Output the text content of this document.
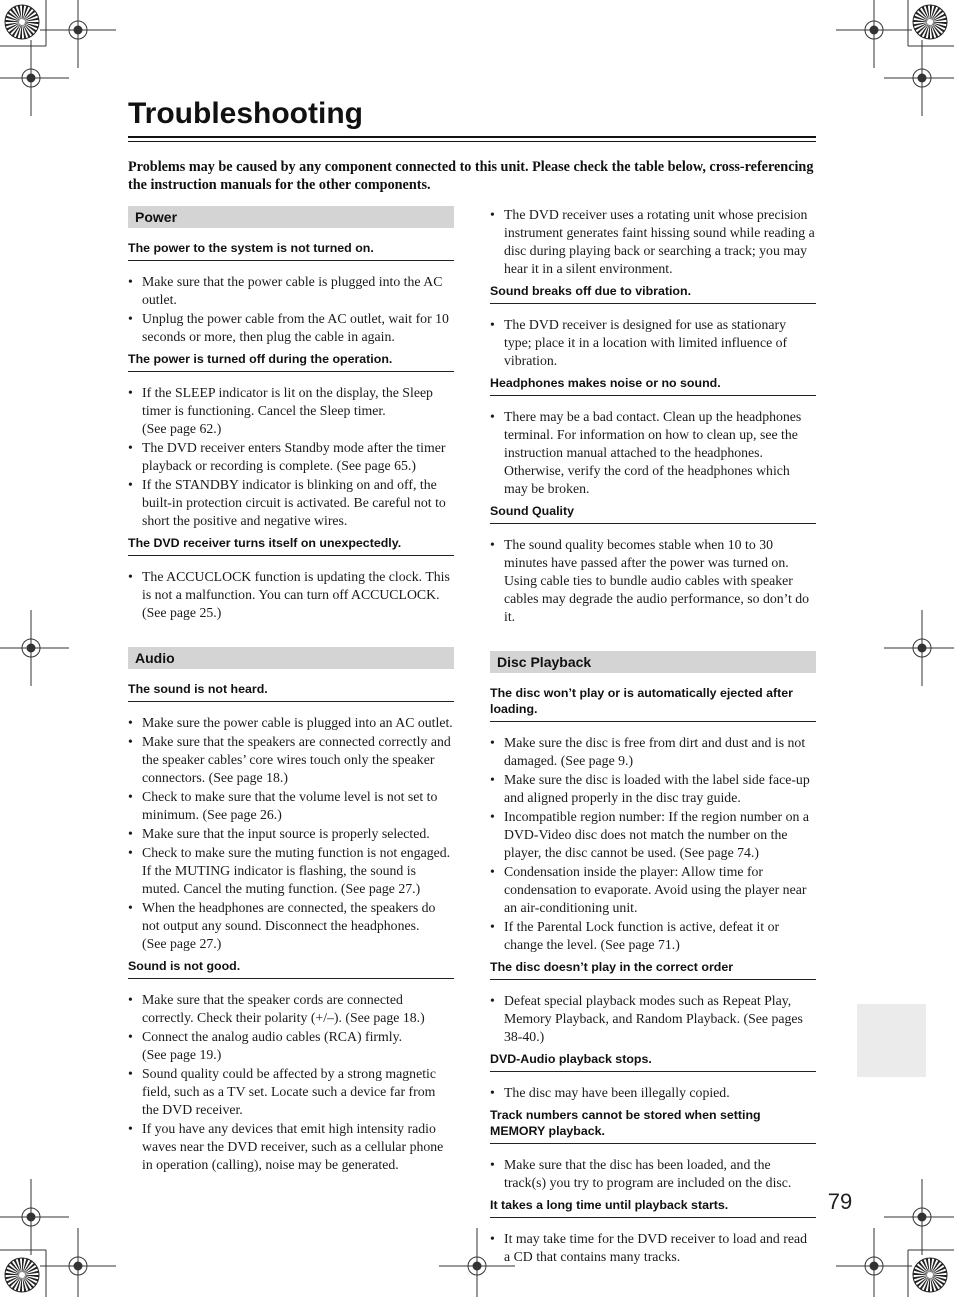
Troubleshooting

Problems may be caused by any component connected to this unit. Please check the table below, cross-referencing the instruction manuals for the other components.

Power
The power to the system is not turned on.
• Make sure that the power cable is plugged into the AC outlet.
• Unplug the power cable from the AC outlet, wait for 10 seconds or more, then plug the cable in again.
The power is turned off during the operation.
• If the SLEEP indicator is lit on the display, the Sleep timer is functioning. Cancel the Sleep timer.
(See page 62.)
• The DVD receiver enters Standby mode after the timer playback or recording is complete. (See page 65.)
• If the STANDBY indicator is blinking on and off, the built-in protection circuit is activated. Be careful not to short the positive and negative wires.
The DVD receiver turns itself on unexpectedly.
• The ACCUCLOCK function is updating the clock. This is not a malfunction. You can turn off ACCUCLOCK. (See page 25.)
Audio
The sound is not heard.
• Make sure the power cable is plugged into an AC outlet.
• Make sure that the speakers are connected correctly and the speaker cables’ core wires touch only the speaker connectors. (See page 18.)
• Check to make sure that the volume level is not set to minimum. (See page 26.)
• Make sure that the input source is properly selected.
• Check to make sure the muting function is not engaged.
If the MUTING indicator is flashing, the sound is muted. Cancel the muting function. (See page 27.)
• When the headphones are connected, the speakers do not output any sound. Disconnect the headphones.
(See page 27.)
Sound is not good.
• Make sure that the speaker cords are connected correctly. Check their polarity (+/–). (See page 18.)
• Connect the analog audio cables (RCA) firmly.
(See page 19.)
• Sound quality could be affected by a strong magnetic field, such as a TV set. Locate such a device far from the DVD receiver.
• If you have any devices that emit high intensity radio waves near the DVD receiver, such as a cellular phone in operation (calling), noise may be generated.
• The DVD receiver uses a rotating unit whose precision instrument generates faint hissing sound while reading a disc during playing back or searching a track; you may hear it in a silent environment.
Sound breaks off due to vibration.
• The DVD receiver is designed for use as stationary type; place it in a location with limited influence of vibration.
Headphones makes noise or no sound.
• There may be a bad contact. Clean up the headphones terminal. For information on how to clean up, see the instruction manual attached to the headphones. Otherwise, verify the cord of the headphones which may be broken.
Sound Quality
• The sound quality becomes stable when 10 to 30 minutes have passed after the power was turned on. Using cable ties to bundle audio cables with speaker cables may degrade the audio performance, so don’t do it.
Disc Playback
The disc won’t play or is automatically ejected after loading.
• Make sure the disc is free from dirt and dust and is not damaged. (See page 9.)
• Make sure the disc is loaded with the label side face-up and aligned properly in the disc tray guide.
• Incompatible region number: If the region number on a DVD-Video disc does not match the number on the player, the disc cannot be used. (See page 74.)
• Condensation inside the player: Allow time for condensation to evaporate. Avoid using the player near an air-conditioning unit.
• If the Parental Lock function is active, defeat it or change the level. (See page 71.)
The disc doesn’t play in the correct order
• Defeat special playback modes such as Repeat Play, Memory Playback, and Random Playback. (See pages 38-40.)
DVD-Audio playback stops.
• The disc may have been illegally copied.
Track numbers cannot be stored when setting MEMORY playback.
• Make sure that the disc has been loaded, and the track(s) you try to program are included on the disc.
It takes a long time until playback starts.
• It may take time for the DVD receiver to load and read a CD that contains many tracks.
79
